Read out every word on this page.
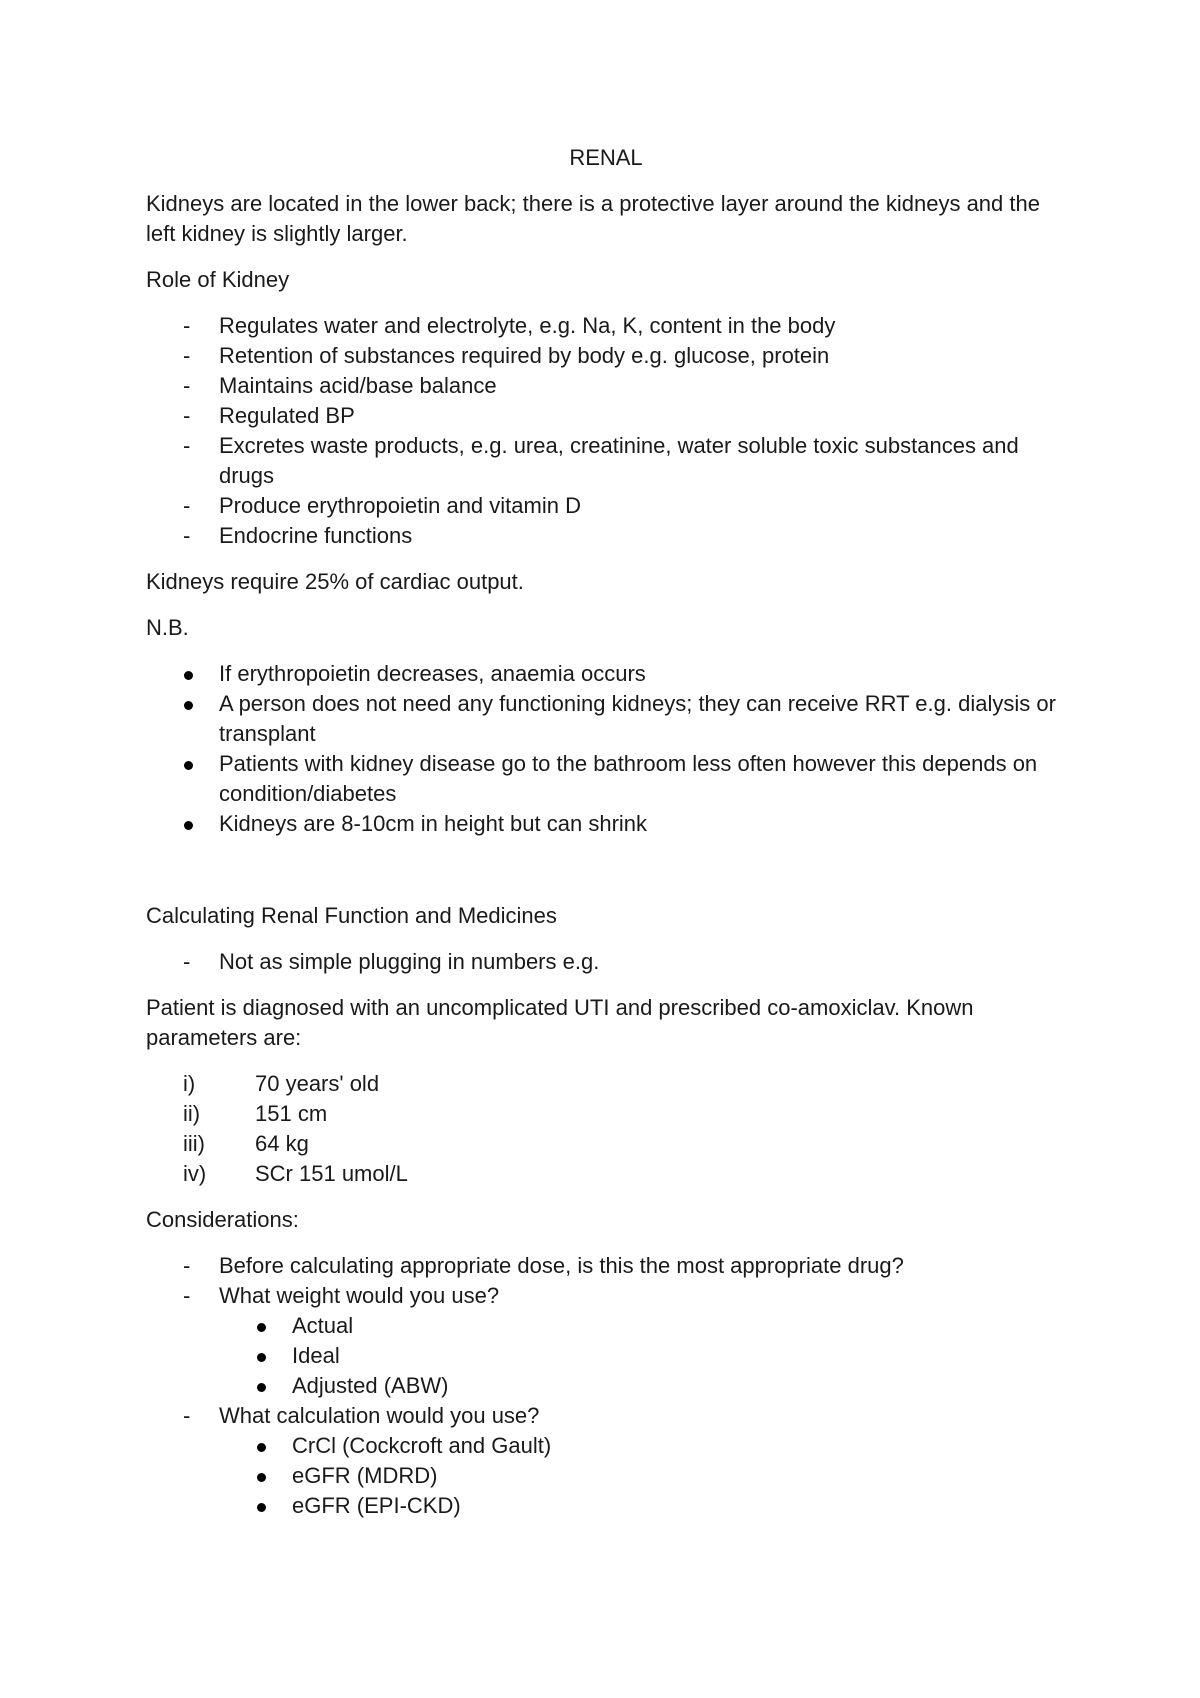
RENAL

Kidneys are located in the lower back; there is a protective layer around the kidneys and the left kidney is slightly larger.

Role of Kidney

- Regulates water and electrolyte, e.g. Na, K, content in the body
- Retention of substances required by body e.g. glucose, protein
- Maintains acid/base balance
- Regulated BP
- Excretes waste products, e.g. urea, creatinine, water soluble toxic substances and drugs
- Produce erythropoietin and vitamin D
- Endocrine functions

Kidneys require 25% of cardiac output.

N.B.

If erythropoietin decreases, anaemia occurs
A person does not need any functioning kidneys; they can receive RRT e.g. dialysis or transplant
Patients with kidney disease go to the bathroom less often however this depends on condition/diabetes
Kidneys are 8-10cm in height but can shrink

Calculating Renal Function and Medicines

- Not as simple plugging in numbers e.g.

Patient is diagnosed with an uncomplicated UTI and prescribed co-amoxiclav. Known parameters are:

i)	70 years' old
ii) 151 cm
iii) 64 kg
iv) SCr 151 umol/L

Considerations:

- Before calculating appropriate dose, is this the most appropriate drug?
- What weight would you use?
Actual
Ideal
Adjusted (ABW)
- What calculation would you use?
CrCl (Cockcroft and Gault)
eGFR (MDRD)
eGFR (EPI-CKD)
